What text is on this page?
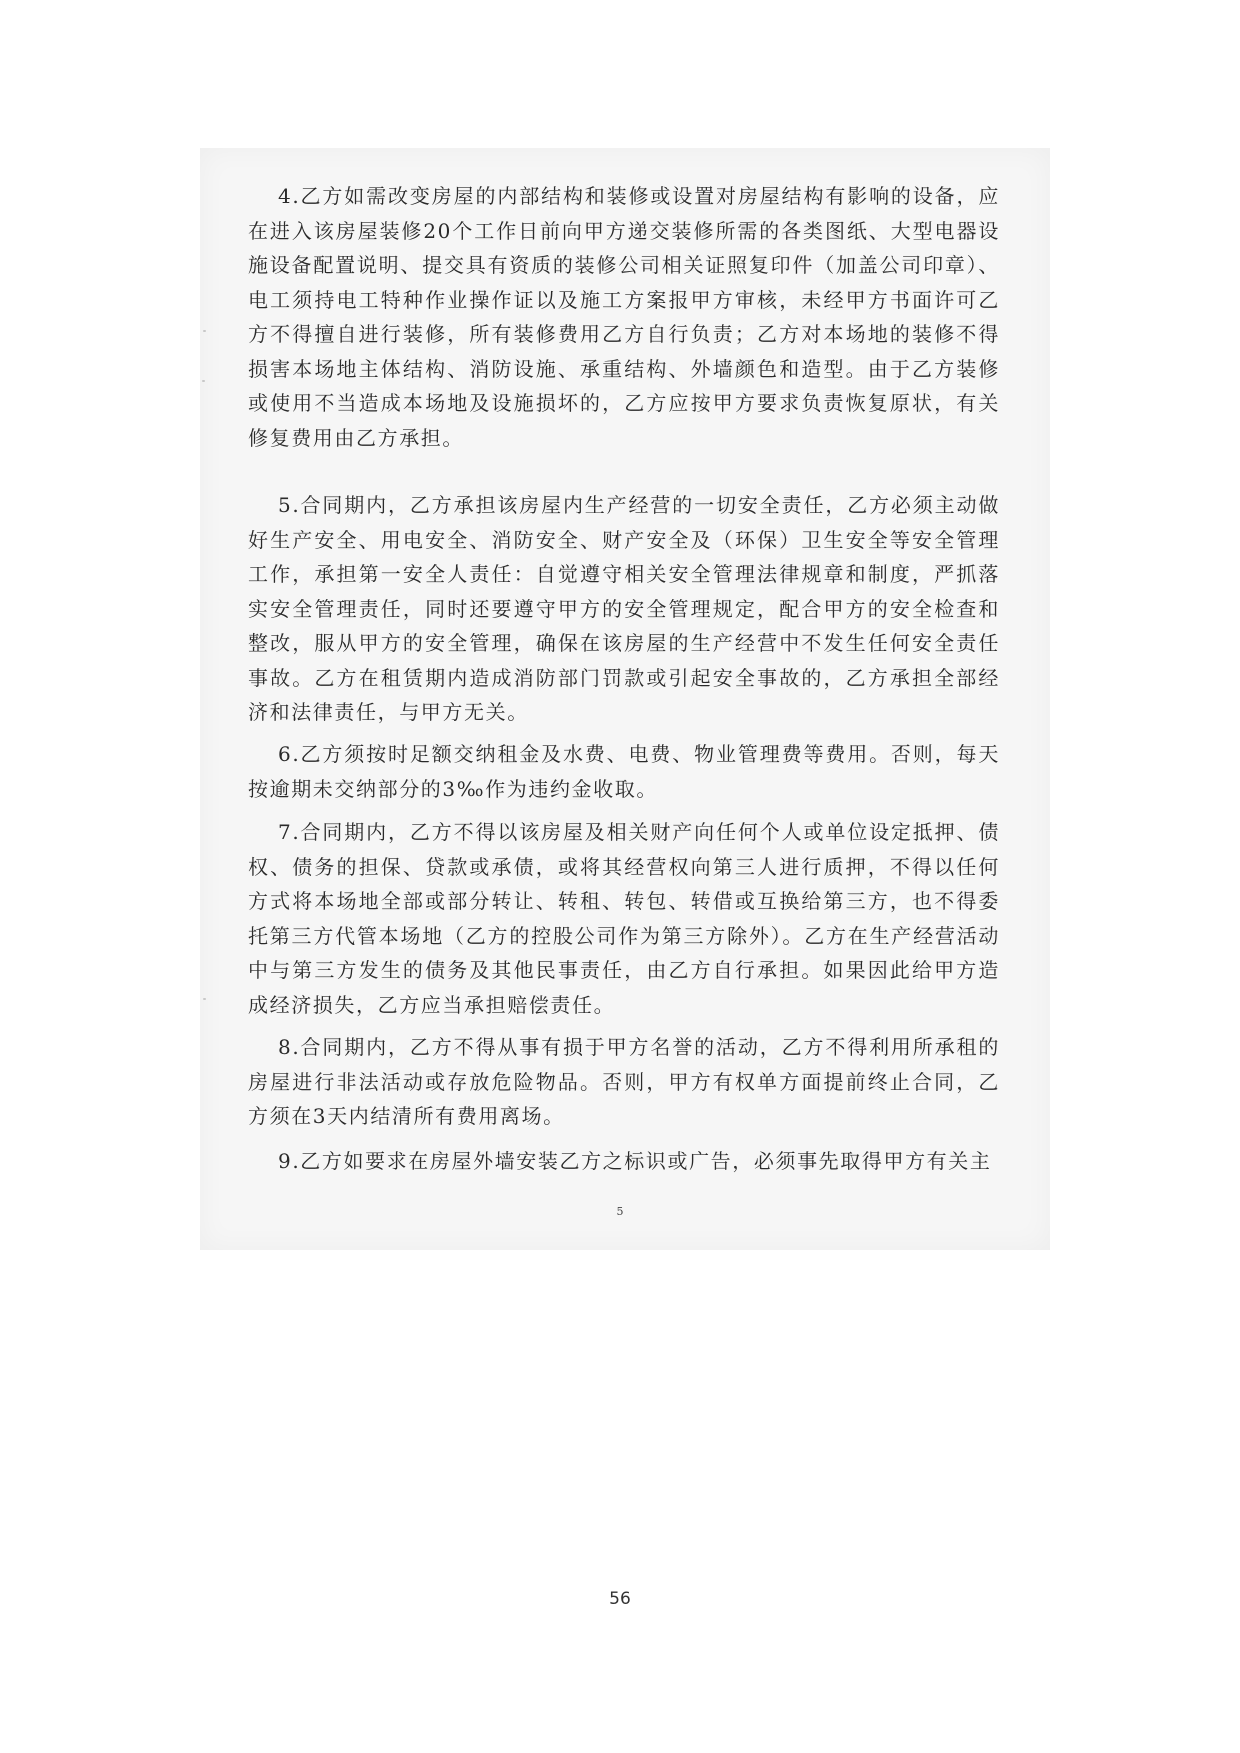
4.乙方如需改变房屋的内部结构和装修或设置对房屋结构有影响的设备，应在进入该房屋装修20个工作日前向甲方递交装修所需的各类图纸、大型电器设施设备配置说明、提交具有资质的装修公司相关证照复印件（加盖公司印章）、电工须持电工特种作业操作证以及施工方案报甲方审核，未经甲方书面许可乙方不得擅自进行装修，所有装修费用乙方自行负责；乙方对本场地的装修不得损害本场地主体结构、消防设施、承重结构、外墙颜色和造型。由于乙方装修或使用不当造成本场地及设施损坏的，乙方应按甲方要求负责恢复原状，有关修复费用由乙方承担。

5.合同期内，乙方承担该房屋内生产经营的一切安全责任，乙方必须主动做好生产安全、用电安全、消防安全、财产安全及（环保）卫生安全等安全管理工作，承担第一安全人责任：自觉遵守相关安全管理法律规章和制度，严抓落实安全管理责任，同时还要遵守甲方的安全管理规定，配合甲方的安全检查和整改，服从甲方的安全管理，确保在该房屋的生产经营中不发生任何安全责任事故。乙方在租赁期内造成消防部门罚款或引起安全事故的，乙方承担全部经济和法律责任，与甲方无关。

6.乙方须按时足额交纳租金及水费、电费、物业管理费等费用。否则，每天按逾期未交纳部分的3‰作为违约金收取。

7.合同期内，乙方不得以该房屋及相关财产向任何个人或单位设定抵押、债权、债务的担保、贷款或承债，或将其经营权向第三人进行质押，不得以任何方式将本场地全部或部分转让、转租、转包、转借或互换给第三方，也不得委托第三方代管本场地（乙方的控股公司作为第三方除外）。乙方在生产经营活动中与第三方发生的债务及其他民事责任，由乙方自行承担。如果因此给甲方造成经济损失，乙方应当承担赔偿责任。

8.合同期内，乙方不得从事有损于甲方名誉的活动，乙方不得利用所承租的房屋进行非法活动或存放危险物品。否则，甲方有权单方面提前终止合同，乙方须在3天内结清所有费用离场。

9.乙方如要求在房屋外墙安装乙方之标识或广告，必须事先取得甲方有关主

5
56
